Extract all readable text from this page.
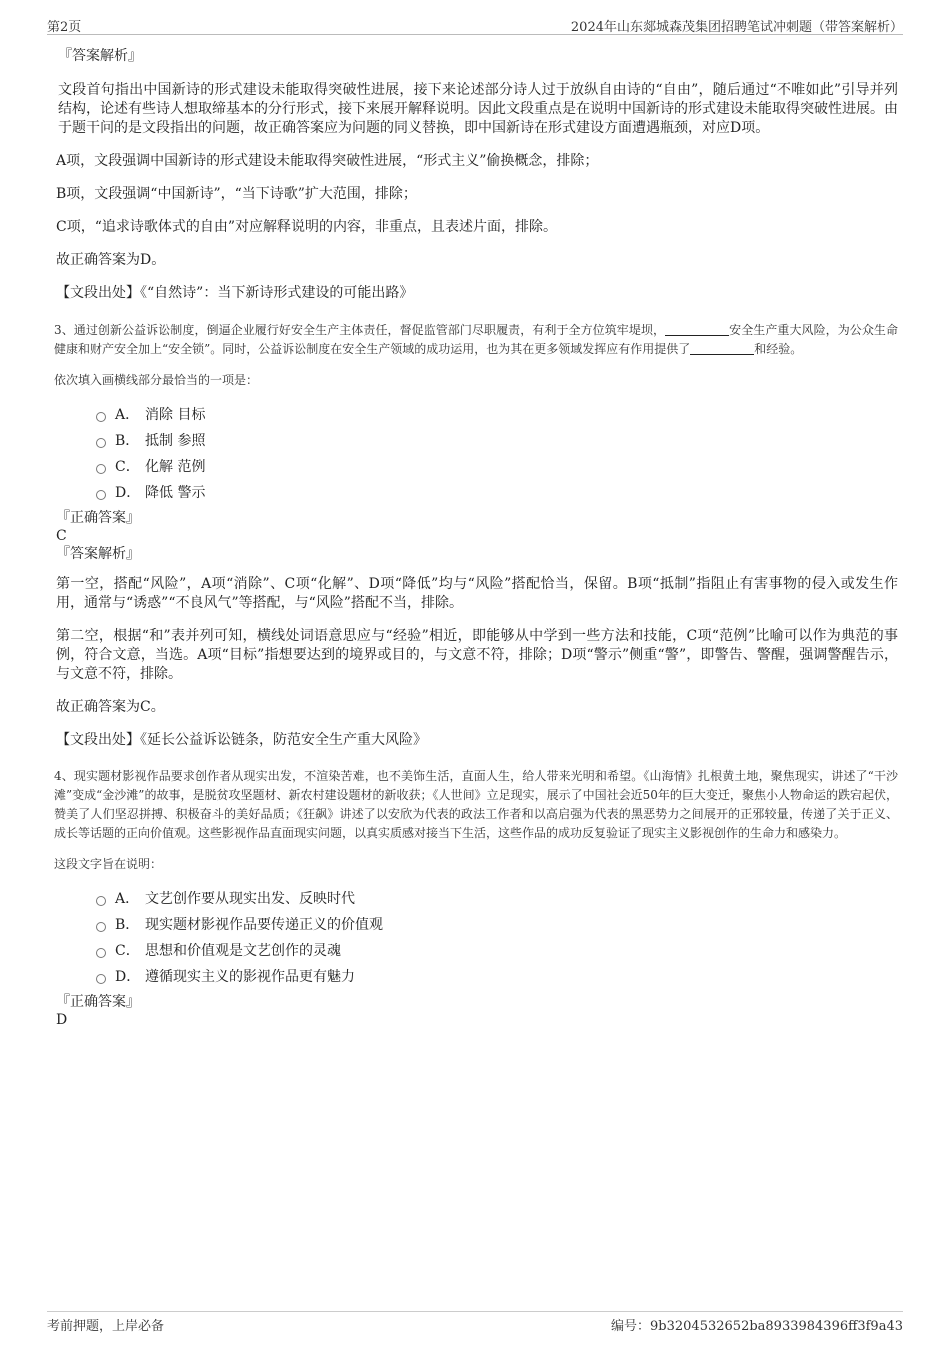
第2页	2024年山东郯城森茂集团招聘笔试冲刺题（带答案解析）

『答案解析』

文段首句指出中国新诗的形式建设未能取得突破性进展，接下来论述部分诗人过于放纵自由诗的“自由”，随后通过“不唯如此”引导并列结构，论述有些诗人想取缔基本的分行形式，接下来展开解释说明。因此文段重点是在说明中国新诗的形式建设未能取得突破性进展。由于题干问的是文段指出的问题，故正确答案应为问题的同义替换，即中国新诗在形式建设方面遭遇瓶颈，对应D项。

A项，文段强调中国新诗的形式建设未能取得突破性进展，“形式主义”偷换概念，排除；

B项，文段强调“中国新诗”，“当下诗歌”扩大范围，排除；

C项，“追求诗歌体式的自由”对应解释说明的内容，非重点，且表述片面，排除。

故正确答案为D。

【文段出处】《“自然诗”：当下新诗形式建设的可能出路》

3、通过创新公益诉讼制度，倒逼企业履行好安全生产主体责任，督促监管部门尽职履责，有利于全方位筑牢堤坝，	安全生产重大风险，为公众生命健康和财产安全加上“安全锁”。同时，公益诉讼制度在安全生产领域的成功运用，也为其在更多领域发挥应有作用提供了	和经验。

依次填入画横线部分最恰当的一项是：

A． 消除 目标
B． 抵制 参照
C． 化解 范例
D． 降低 警示

『正确答案』

C

『答案解析』

第一空，搭配“风险”，A项“消除”、C项“化解”、D项“降低”均与“风险”搭配恰当，保留。B项“抵制”指阻止有害事物的侵入或发生作用，通常与“诱惑”“不良风气”等搭配，与“风险”搭配不当，排除。

第二空，根据“和”表并列可知，横线处词语意思应与“经验”相近，即能够从中学到一些方法和技能，C项“范例”比喻可以作为典范的事例，符合文意，当选。A项“目标”指想要达到的境界或目的，与文意不符，排除；D项“警示”侧重“警”，即警告、警醒，强调警醒告示，与文意不符，排除。

故正确答案为C。

【文段出处】《延长公益诉讼链条，防范安全生产重大风险》

4、现实题材影视作品要求创作者从现实出发，不渲染苦难，也不美饰生活，直面人生，给人带来光明和希望。《山海情》扎根黄土地，聚焦现实，讲述了“干沙滩”变成“金沙滩”的故事，是脱贫攻坚题材、新农村建设题材的新收获；《人世间》立足现实，展示了中国社会近50年的巨大变迁，聚焦小人物命运的跌宕起伏，赞美了人们坚忍拼搏、积极奋斗的美好品质；《狂飙》讲述了以安欣为代表的政法工作者和以高启强为代表的黑恶势力之间展开的正邪较量，传递了关于正义、成长等话题的正向价值观。这些影视作品直面现实问题，以真实质感对接当下生活，这些作品的成功反复验证了现实主义影视创作的生命力和感染力。

这段文字旨在说明：

A． 文艺创作要从现实出发、反映时代
B． 现实题材影视作品要传递正义的价值观
C． 思想和价值观是文艺创作的灵魂
D． 遵循现实主义的影视作品更有魅力

『正确答案』

D

考前押题，上岸必备	编号：9b3204532652ba8933984396ff3f9a43
